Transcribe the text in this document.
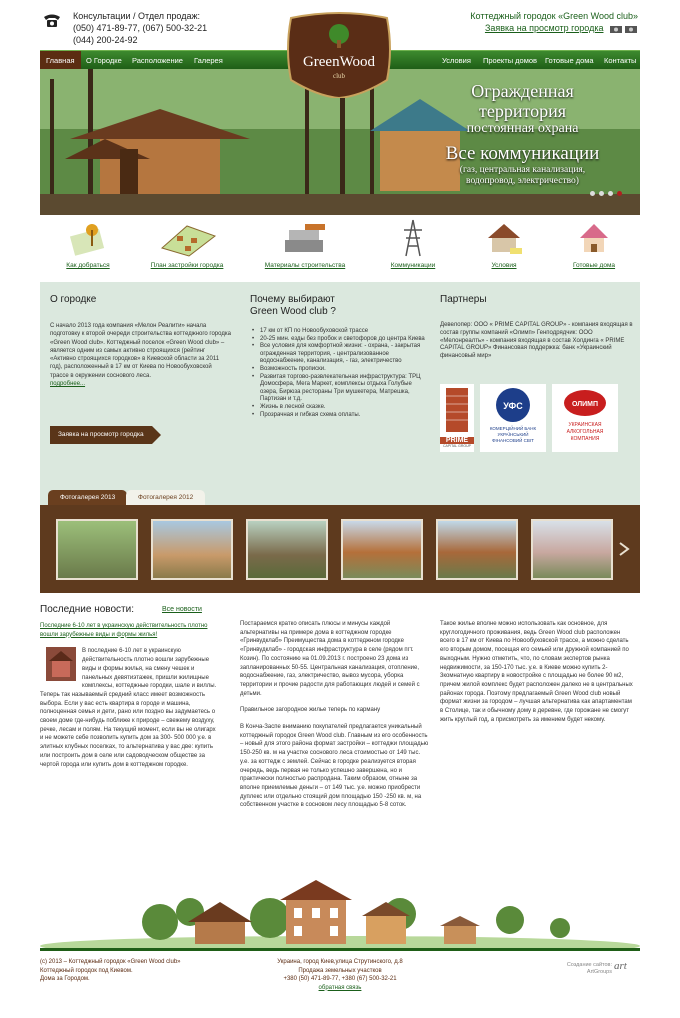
Консультации / Отдел продаж:
(050) 471-89-77, (067) 500-32-21
(044) 200-24-92
Коттеджный городок «Green Wood club»
Заявка на просмотр городка
Главная	О Городке	Расположение	Галерея	Условия	Проекты домов	Готовые дома	Контакты
Огражденная
территория
постоянная охрана
Все коммуникации
(газ, центральная канализация,
водопровод, электричество)
GreenWood
club
Как добраться	План застройки городка	Материалы строительства	Коммуникации	Условия	Готовые дома
О городке
С начало 2013 года компания «Мелон Реалити» начала подготовку к второй очереди строительства коттеджного городка «Green Wood club». Коттеджный поселок «Green Wood club» –является одним из самых активно строящихся (рейтинг «Активно строящихся городков» в Киевской области за 2011 год), расположенный в 17 км от Киева по Новообуховской трассе в окружении соснового леса.
подробнее...
Заявка на просмотр городка
Почему выбирают
Green Wood club ?
• 17 км от КП по Новообуховской трассе
• 20-25 мин. езды без пробок и светофоров до центра Киева
• Все условия для комфортной жизни: - охрана, - закрытая огражденная территория, - централизованное водоснабжение, канализация, - газ, электричество
• Возможность прописки.
• Развитая торгово-развлекательная инфраструктура: ТРЦ Домосфера, Мега Маркет, комплексы отдыха Голубые озера, Бирюза рестораны Три мушкетера, Матрешка, Партизан и т.д.
• Жизнь в лесной сказке.
• Прозрачная и гибкая схема оплаты.
Партнеры
Девелопер: ООО « PRIME CAPITAL GROUP» - компания входящая в состав группы компаний «Олимп» Генподрядчик: ООО «Мелонреалть» - компания входящая в состав Холдинга « PRIME CAPITAL GROUP» Финансовая поддержка: банк «Украинский финансовый мир»
PRIME
CAPITAL GROUP
УФС
КОМЕРЦІЙНИЙ БАНК УКРАЇНСЬКИЙ ФІНАНСОВИЙ СВІТ
ОЛИМП
УКРАИНСКАЯ АЛКОГОЛЬНАЯ КОМПАНИЯ
Фотогалерея 2013	Фотогалерея 2012
Последние новости:	Все новости
Последние 6-10 лет в украинскую действительность плотно вошли зарубежные виды и формы жилья!
В последние 6-10 лет в украинскую действительность плотно вошли зарубежные виды и формы жилья, на смену чешек и панельных девятиэтажек, пришли жилищные комплексы, коттеджные городки, шале и виллы. Теперь так называемый средний класс имеет возможность выбора. Если у вас есть квартира в городе и машина, полноценная семья и дети, рано или поздно вы задумаетесь о своем доме где-нибудь поближе к природе – свежему воздуху, речке, лесам и полям. На текущий момент, если вы не олигарх и не можете себе позволить купить дом за 300- 500 000 у.е. в элитных клубных поселках, то альтернатива у вас две: купить или построить дом в селе или садоводческом обществе за чертой города или купить дом в коттеджном городке.
Постараемся кратко описать плюсы и минусы каждой альтернативы на примере дома в коттеджном городке «Гринвудклаб» Преимущества дома в коттеджном городке «Гринвудклаб» - городская инфраструктура в селе (рядом пгт. Козин). По состоянию на 01.09.2013 г. построено 23 дома из запланированных 50-55. Центральная канализация, отопление, водоснабжение, газ, электричество, вывоз мусора, уборка территории и прочие радости для работающих людей и семей с детьми.
Правильное загородное жилье теперь по карману
В Конча-Заспе вниманию покупателей предлагается уникальный коттеджный городок Green Wood club. Главным из его особенность – новый для этого района формат застройки – коттеджи площадью 150-250 кв. м на участке соснового леса стоимостью от 149 тыс. у.е. за коттедж с землей. Сейчас в городке реализуется вторая очередь, ведь первая не только успешно завершена, но и практически полностью распродана. Таким образом, отныне за вполне приемлемые деньги – от 149 тыс. у.е. можно приобрести дуплекс или отдельно стоящий дом площадью 150 -250 кв. м, на собственном участке в сосновом лесу площадью 5-8 соток.
Такое жилье вполне можно использовать как основное, для круглогодичного проживания, ведь Green Wood club расположен всего в 17 км от Киева по Новообуховской трассе, а можно сделать его вторым домом, посещая его семьей или дружной компанией по выходным. Нужно отметить, что, по словам экспертов рынка недвижимости, за 150-170 тыс. у.е. в Киеве можно купить 2-3комнатную квартиру в новостройке с площадью не более 90 м2, причем жилой комплекс будет расположен далеко не в центральных районах города. Поэтому предлагаемый Green Wood club новый формат жизни за городом – лучшая альтернатива как апартаментам в Столице, так и обычному дому в деревне, где горожане не смогут жить круглый год, а присмотреть за имением будет некому.
(c) 2013 – Коттеджный городок «Green Wood club»
Коттеджный городок под Киевом.
Дома за Городом.
Украина, город Киев,улица Струтинского, д.8
Продажа земельных участков
+380 (50) 471-89-77, +380 (67) 500-32-21
обратная связь
Создание сайтов:
ArtGroups art
